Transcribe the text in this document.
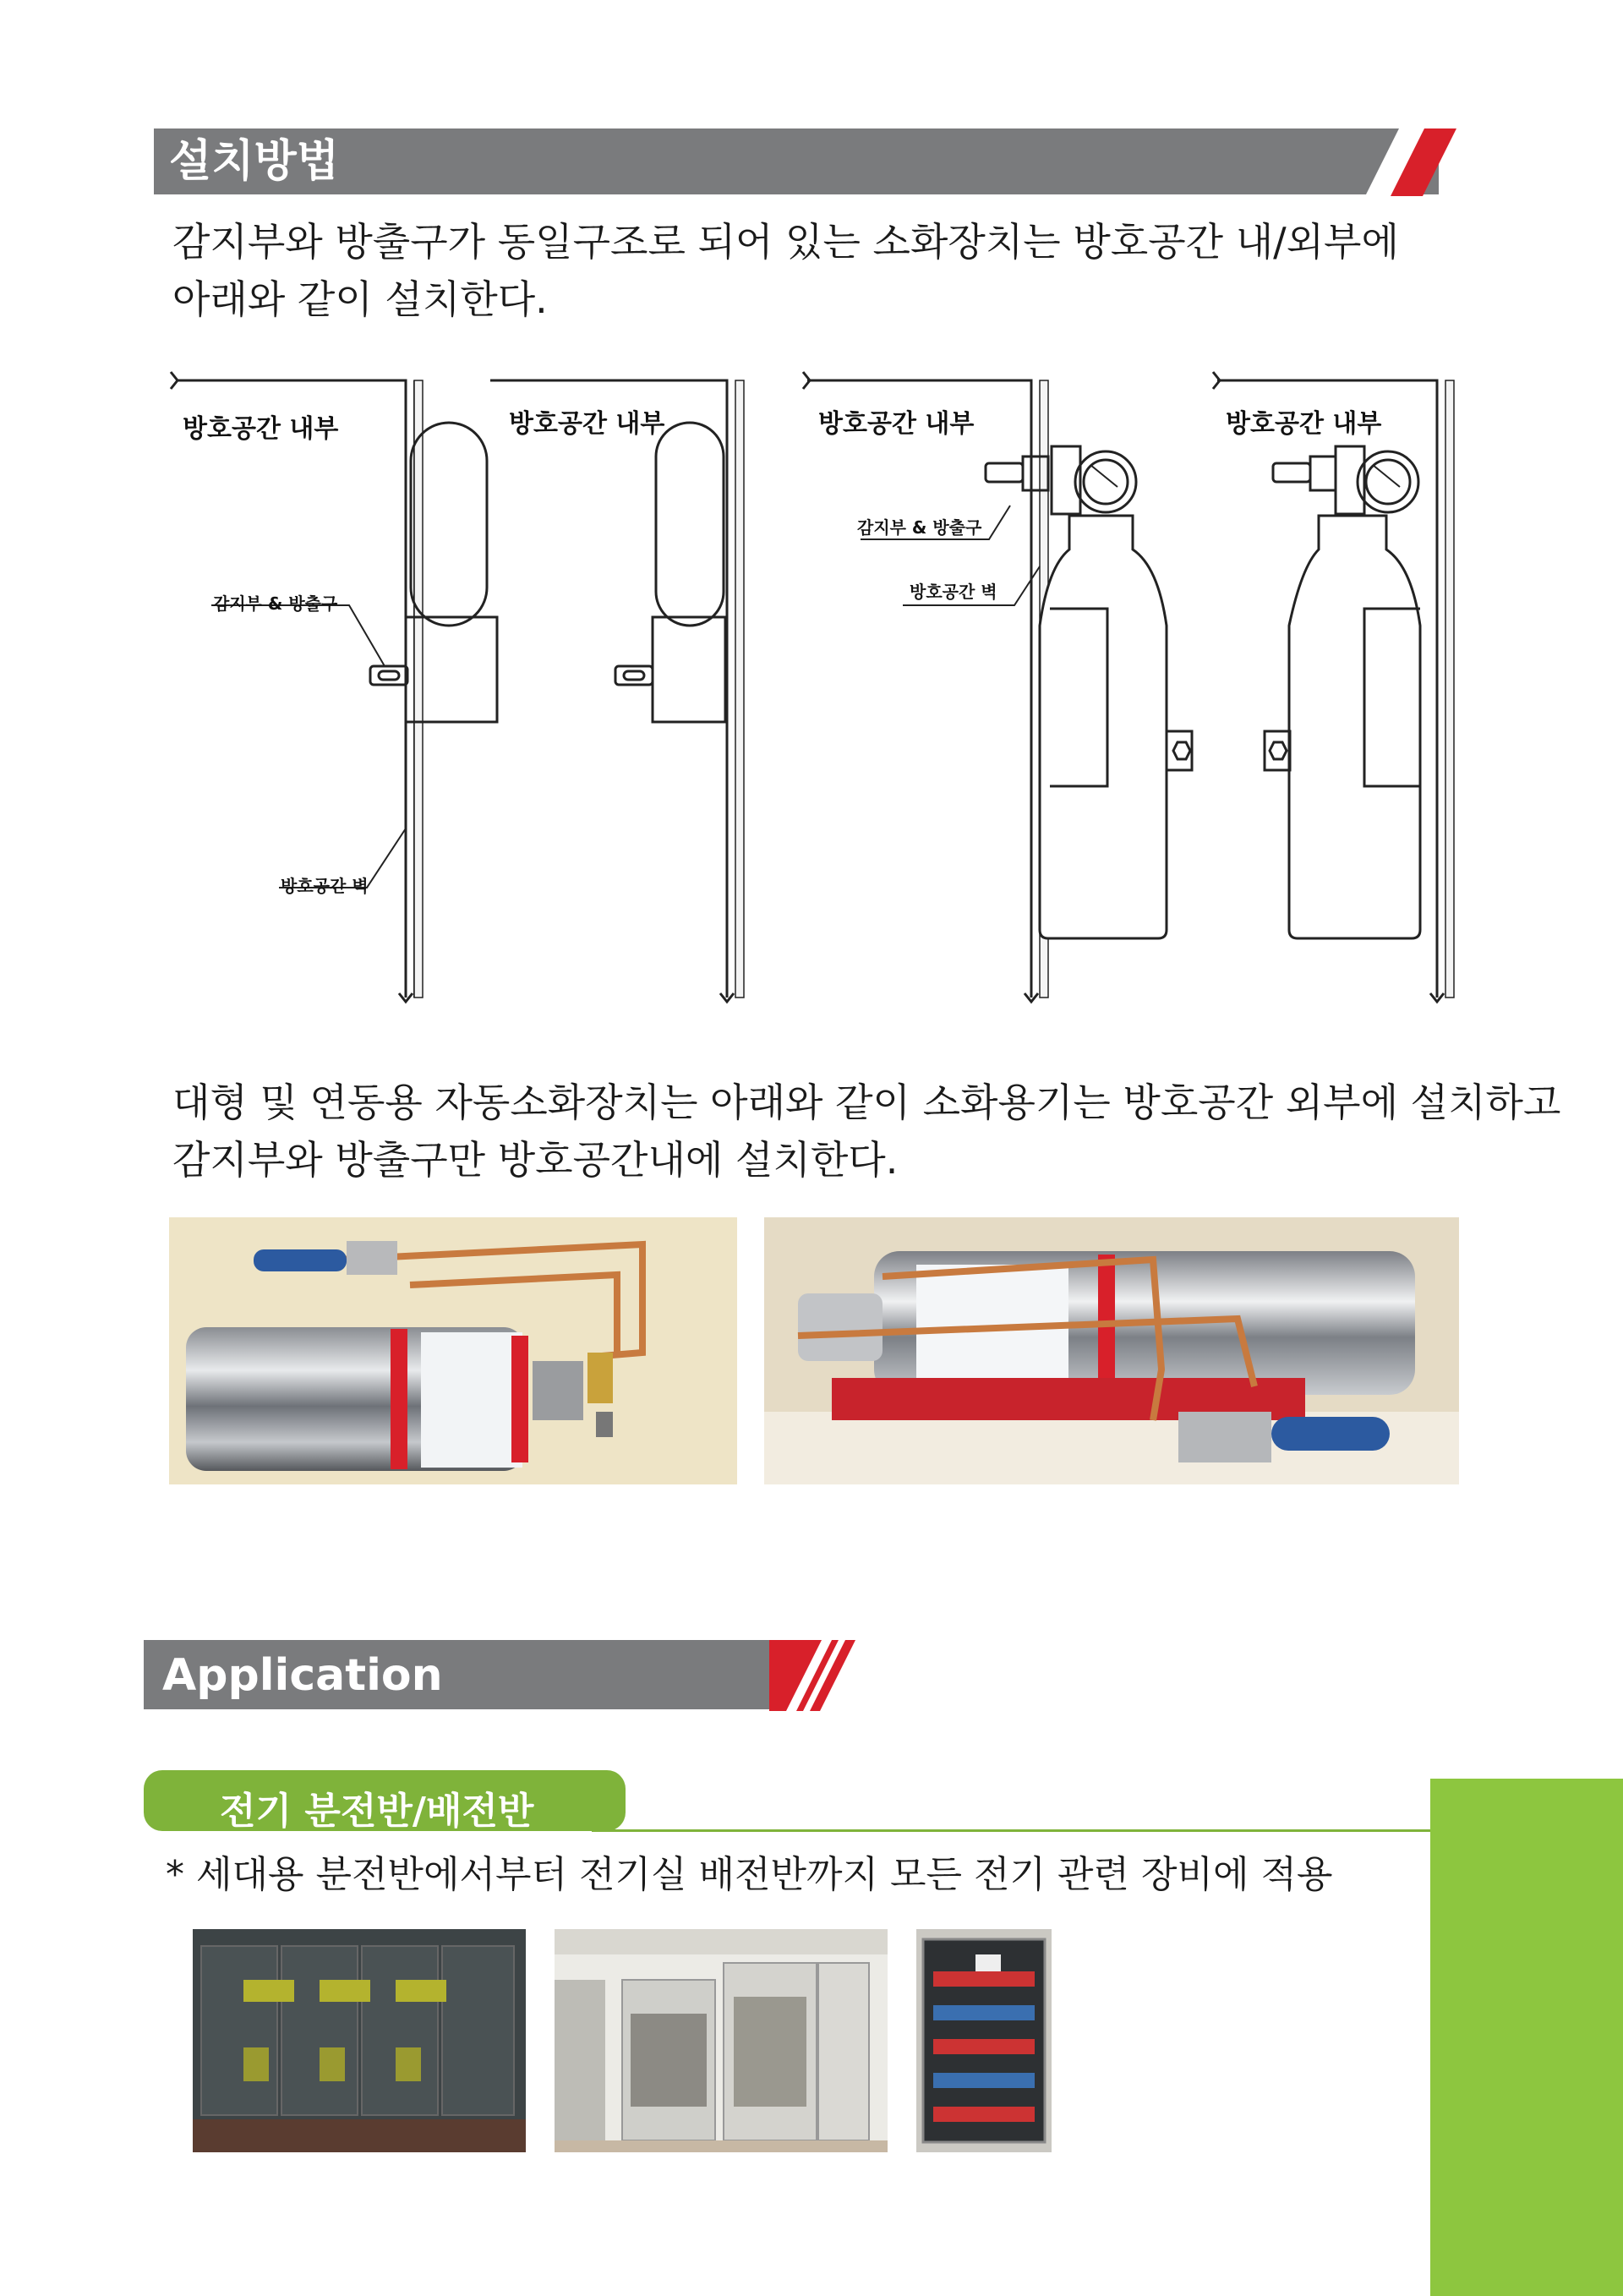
설치방법
감지부와 방출구가 동일구조로 되어 있는 소화장치는 방호공간 내/외부에
아래와 같이 설치한다.
방호공간 내부	방호공간 내부	방호공간 내부	방호공간 내부
감지부 & 방출구
방호공간 벽
감지부 & 방출구
방호공간 벽
대형 및 연동용 자동소화장치는 아래와 같이 소화용기는 방호공간 외부에 설치하고
감지부와 방출구만 방호공간내에 설치한다.
Application
전기 분전반/배전반
* 세대용 분전반에서부터 전기실 배전반까지 모든 전기 관련 장비에 적용
